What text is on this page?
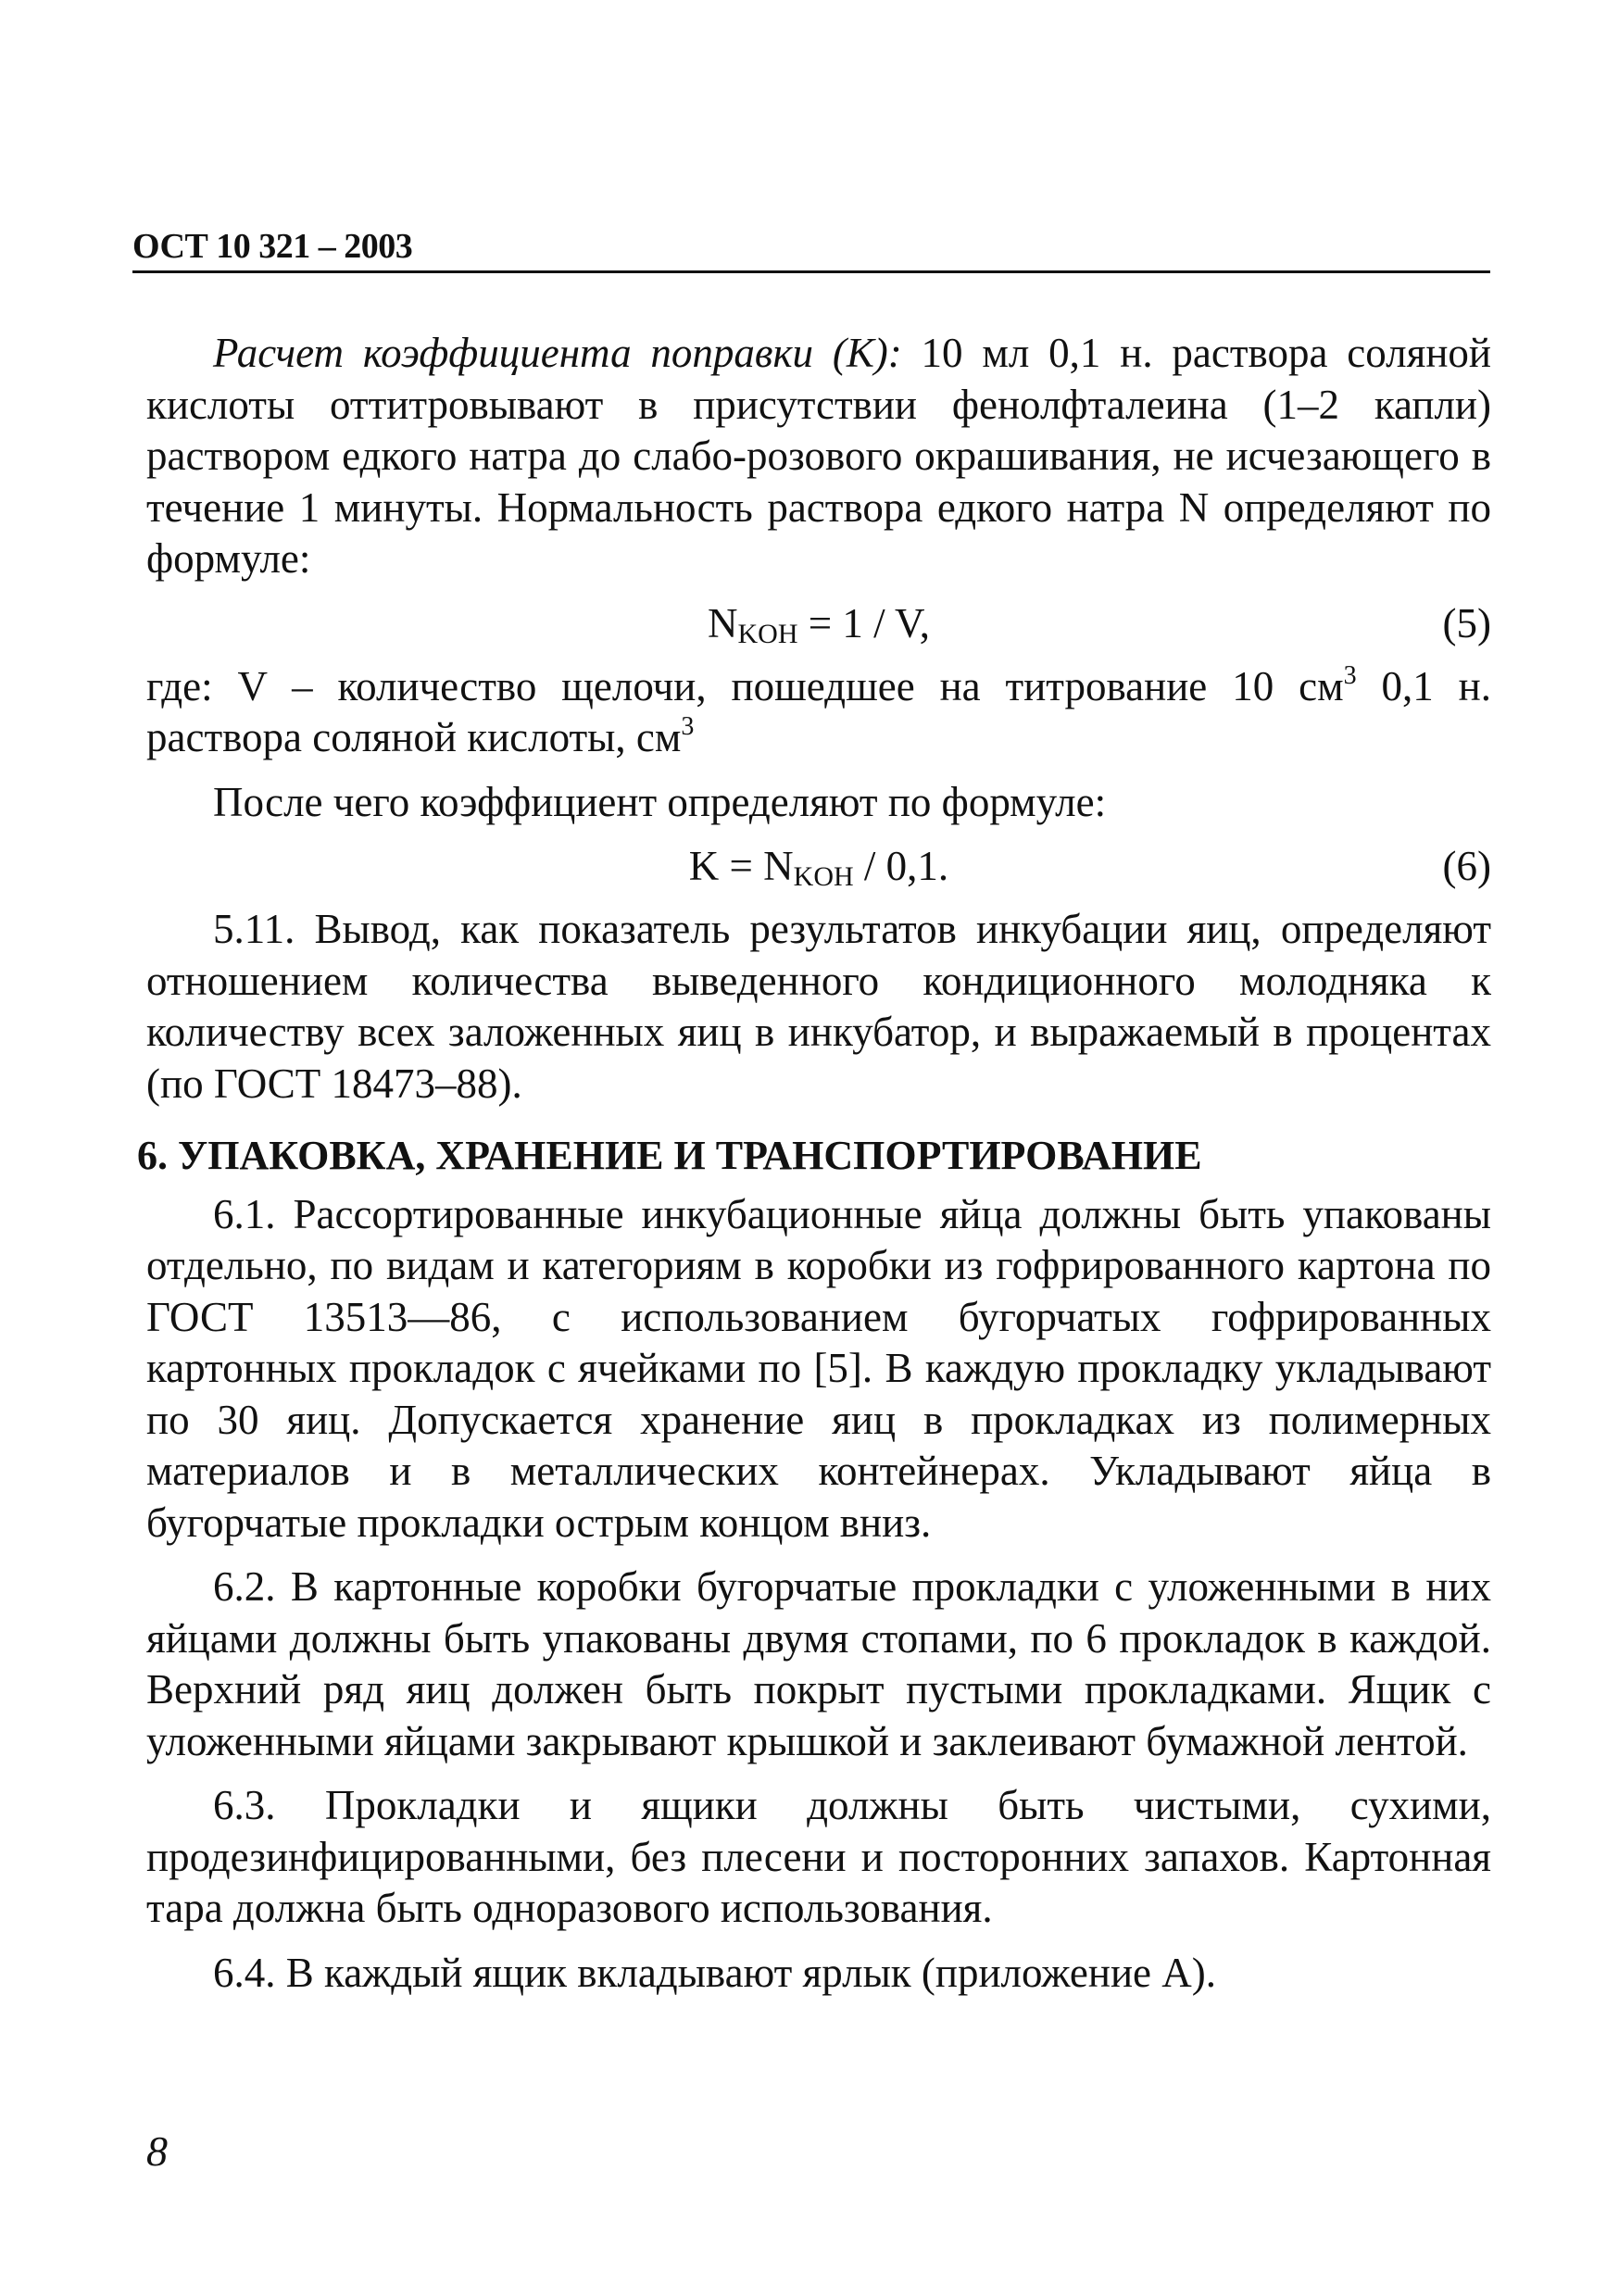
ОСТ 10 321 – 2003

Расчет коэффициента поправки (К): 10 мл 0,1 н. раствора соляной кислоты оттитровывают в присутствии фенолфталеина (1–2 капли) раствором едкого натра до слабо-розового окрашивания, не исчезающего в течение 1 минуты. Нормальность раствора едкого натра N определяют по формуле:

$N_{KOH} = 1 / V$,	(5)

где: V – количество щелочи, пошедшее на титрование 10 $см^3$ 0,1 н. раствора соляной кислоты, $см^3$

После чего коэффициент определяют по формуле:

$K = N_{KOH} / 0,1$.	(6)

5.11. Вывод, как показатель результатов инкубации яиц, определяют отношением количества выведенного кондиционного молодняка к количеству всех заложенных яиц в инкубатор, и выражаемый в процентах (по ГОСТ 18473–88).

6. УПАКОВКА, ХРАНЕНИЕ И ТРАНСПОРТИРОВАНИЕ

6.1. Рассортированные инкубационные яйца должны быть упакованы отдельно, по видам и категориям в коробки из гофрированного картона по ГОСТ 13513—86, с использованием бугорчатых гофрированных картонных прокладок с ячейками по [5]. В каждую прокладку укладывают по 30 яиц. Допускается хранение яиц в прокладках из полимерных материалов и в металлических контейнерах. Укладывают яйца в бугорчатые прокладки острым концом вниз.

6.2. В картонные коробки бугорчатые прокладки с уложенными в них яйцами должны быть упакованы двумя стопами, по 6 прокладок в каждой. Верхний ряд яиц должен быть покрыт пустыми прокладками. Ящик с уложенными яйцами закрывают крышкой и заклеивают бумажной лентой.

6.3. Прокладки и ящики должны быть чистыми, сухими, продезинфицированными, без плесени и посторонних запахов. Картонная тара должна быть одноразового использования.

6.4. В каждый ящик вкладывают ярлык (приложение А).

8
